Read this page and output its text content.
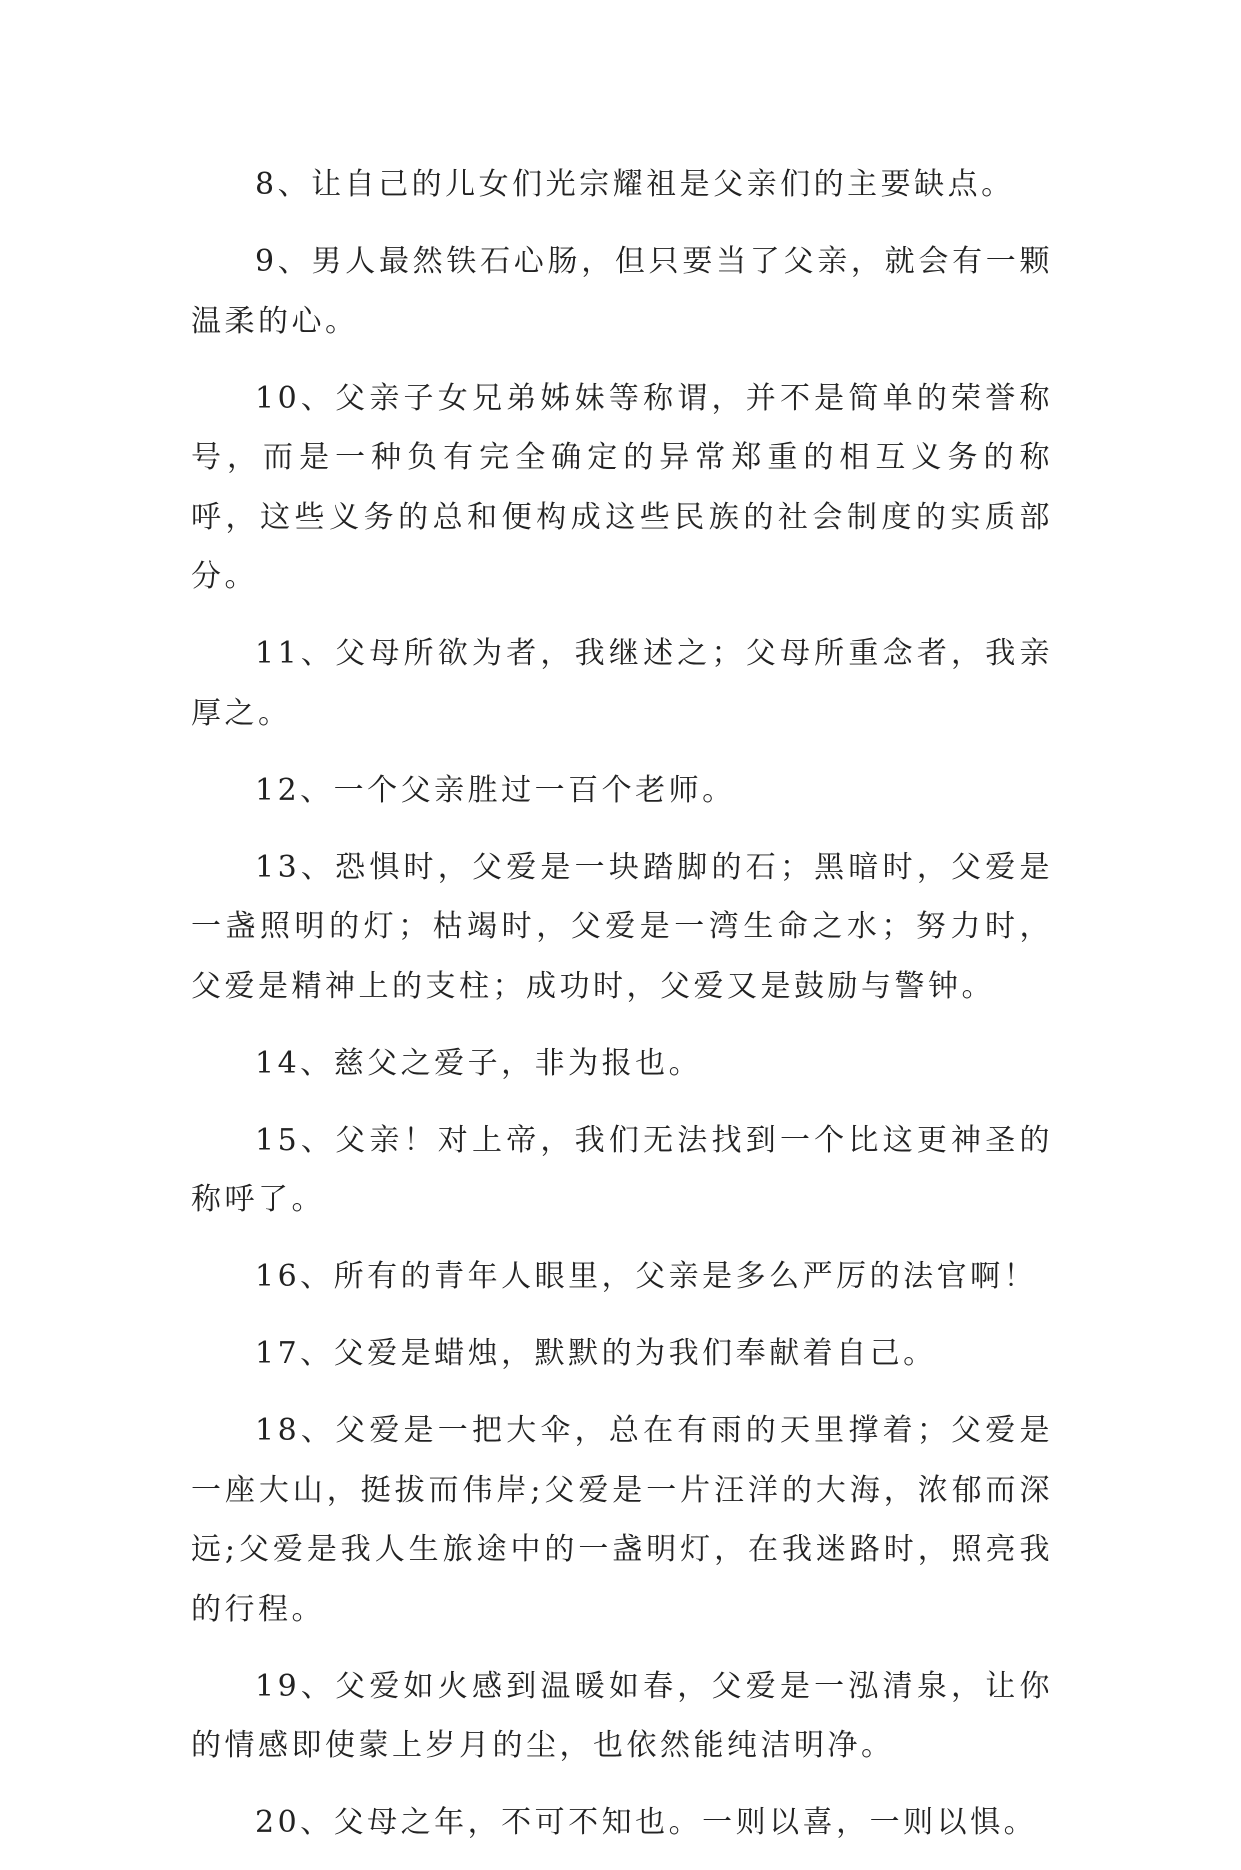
8、让自己的儿女们光宗耀祖是父亲们的主要缺点。

9、男人最然铁石心肠，但只要当了父亲，就会有一颗温柔的心。

10、父亲子女兄弟姊妹等称谓，并不是简单的荣誉称号，而是一种负有完全确定的异常郑重的相互义务的称呼，这些义务的总和便构成这些民族的社会制度的实质部分。

11、父母所欲为者，我继述之；父母所重念者，我亲厚之。

12、一个父亲胜过一百个老师。

13、恐惧时，父爱是一块踏脚的石；黑暗时，父爱是一盏照明的灯；枯竭时，父爱是一湾生命之水；努力时，父爱是精神上的支柱；成功时，父爱又是鼓励与警钟。

14、慈父之爱子，非为报也。

15、父亲！对上帝，我们无法找到一个比这更神圣的称呼了。

16、所有的青年人眼里，父亲是多么严厉的法官啊！

17、父爱是蜡烛，默默的为我们奉献着自己。

18、父爱是一把大伞，总在有雨的天里撑着；父爱是一座大山，挺拔而伟岸;父爱是一片汪洋的大海，浓郁而深远;父爱是我人生旅途中的一盏明灯，在我迷路时，照亮我的行程。

19、父爱如火感到温暖如春，父爱是一泓清泉，让你的情感即使蒙上岁月的尘，也依然能纯洁明净。

20、父母之年，不可不知也。一则以喜，一则以惧。
